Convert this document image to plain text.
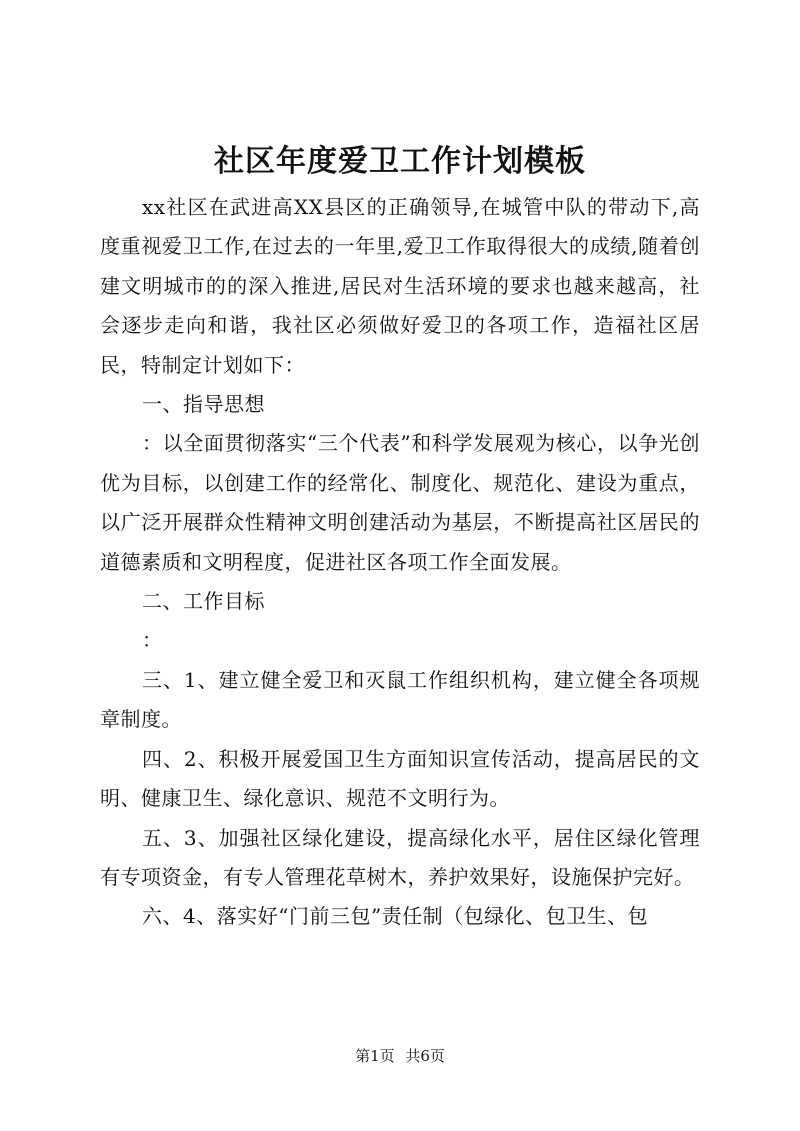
社区年度爱卫工作计划模板

xx社区在武进高XX县区的正确领导,在城管中队的带动下,高度重视爱卫工作,在过去的一年里,爱卫工作取得很大的成绩,随着创建文明城市的的深入推进,居民对生活环境的要求也越来越高，社会逐步走向和谐，我社区必须做好爱卫的各项工作，造福社区居民，特制定计划如下：

一、指导思想

：以全面贯彻落实“三个代表”和科学发展观为核心，以争光创优为目标，以创建工作的经常化、制度化、规范化、建设为重点，以广泛开展群众性精神文明创建活动为基层，不断提高社区居民的道德素质和文明程度，促进社区各项工作全面发展。

二、工作目标

：

三、1、建立健全爱卫和灭鼠工作组织机构，建立健全各项规章制度。

四、2、积极开展爱国卫生方面知识宣传活动，提高居民的文明、健康卫生、绿化意识、规范不文明行为。

五、3、加强社区绿化建设，提高绿化水平，居住区绿化管理有专项资金，有专人管理花草树木，养护效果好，设施保护完好。

六、4、落实好“门前三包”责任制（包绿化、包卫生、包

第1页 共6页
